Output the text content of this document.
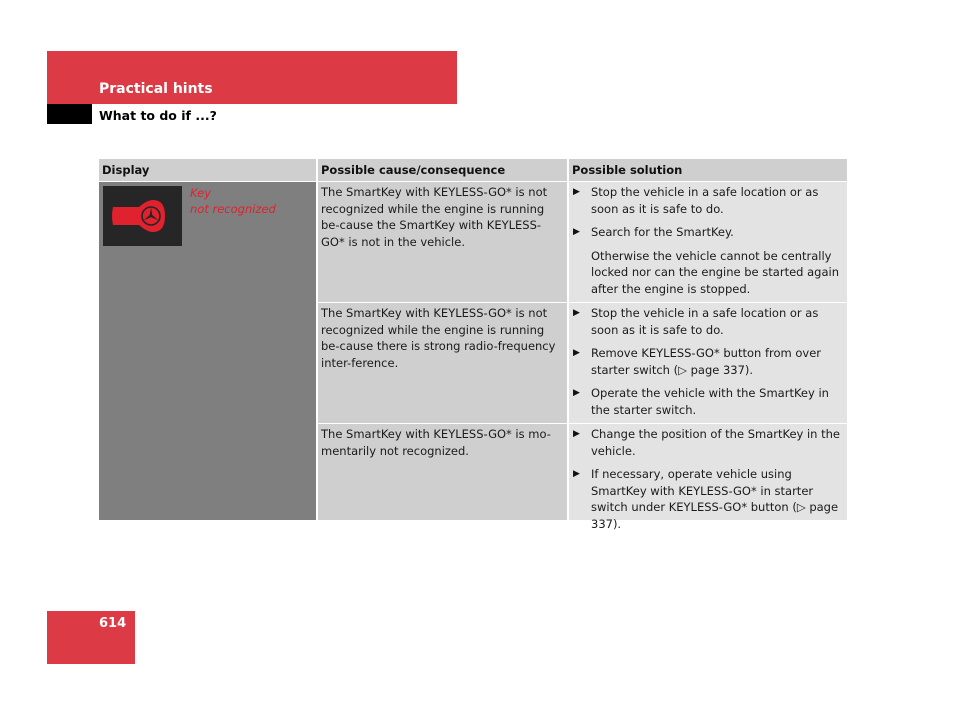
Practical hints
What to do if ...?
Display	Possible cause/consequence	Possible solution
Key
not recognized
The SmartKey with KEYLESS-GO* is not recognized while the engine is running be-cause the SmartKey with KEYLESS-GO* is not in the vehicle.
▶ Stop the vehicle in a safe location or as soon as it is safe to do.
▶ Search for the SmartKey.
Otherwise the vehicle cannot be centrally locked nor can the engine be started again after the engine is stopped.
The SmartKey with KEYLESS-GO* is not recognized while the engine is running be-cause there is strong radio-frequency inter-ference.
▶ Stop the vehicle in a safe location or as soon as it is safe to do.
▶ Remove KEYLESS-GO* button from over starter switch (▷ page 337).
▶ Operate the vehicle with the SmartKey in the starter switch.
The SmartKey with KEYLESS-GO* is mo-mentarily not recognized.
▶ Change the position of the SmartKey in the vehicle.
▶ If necessary, operate vehicle using SmartKey with KEYLESS-GO* in starter switch under KEYLESS-GO* button (▷ page 337).
614
